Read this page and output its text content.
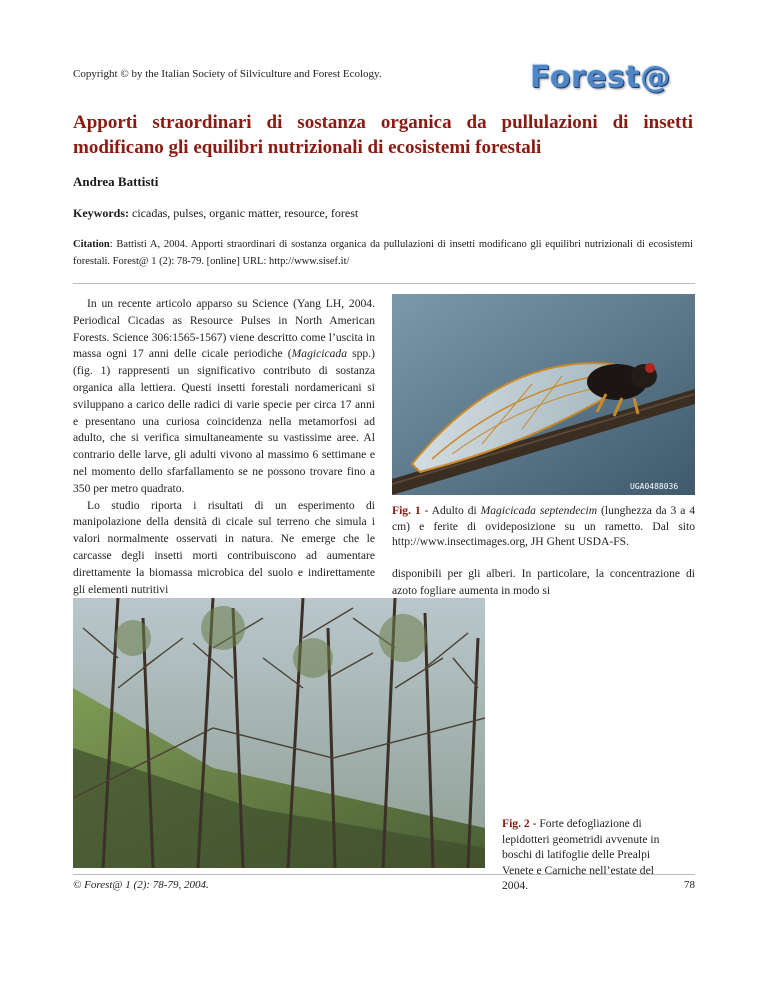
Copyright © by the Italian Society of Silviculture and Forest Ecology.	Forest@
Apporti straordinari di sostanza organica da pullulazioni di insetti modificano gli equilibri nutrizionali di ecosistemi forestali
Andrea Battisti
Keywords: cicadas, pulses, organic matter, resource, forest
Citation: Battisti A, 2004. Apporti straordinari di sostanza organica da pullulazioni di insetti modificano gli equilibri nutrizionali di ecosistemi forestali. Forest@ 1 (2): 78-79. [online] URL: http://www.sisef.it/

In un recente articolo apparso su Science (Yang LH, 2004. Periodical Cicadas as Resource Pulses in North American Forests. Science 306:1565-1567) viene descritto come l’uscita in massa ogni 17 anni delle cicale periodiche (Magicicada spp.) (fig. 1) rappresenti un significativo contributo di sostanza organica alla lettiera. Questi insetti forestali nordamericani si sviluppano a carico delle radici di varie specie per circa 17 anni e presentano una curiosa coincidenza nella metamorfosi ad adulto, che si verifica simultaneamente su vastissime aree. Al contrario delle larve, gli adulti vivono al massimo 6 settimane e nel momento dello sfarfallamento se ne possono trovare fino a 350 per metro quadrato.

Lo studio riporta i risultati di un esperimento di manipolazione della densità di cicale sul terreno che simula i valori normalmente osservati in natura. Ne emerge che le carcasse degli insetti morti contribuiscono ad aumentare direttamente la biomassa microbica del suolo e indirettamente gli elementi nutritivi

UGA0488036
Fig. 1 - Adulto di Magicicada septendecim (lunghezza da 3 a 4 cm) e ferite di ovideposizione su un rametto. Dal sito http://www.insectimages.org, JH Ghent USDA-FS.
disponibili per gli alberi. In particolare, la concentrazione di azoto fogliare aumenta in modo si
Fig. 2 - Forte defogliazione di lepidotteri geometridi avvenute in boschi di latifoglie delle Prealpi Venete e Carniche nell’estate del 2004.
© Forest@ 1 (2): 78-79, 2004.	78
